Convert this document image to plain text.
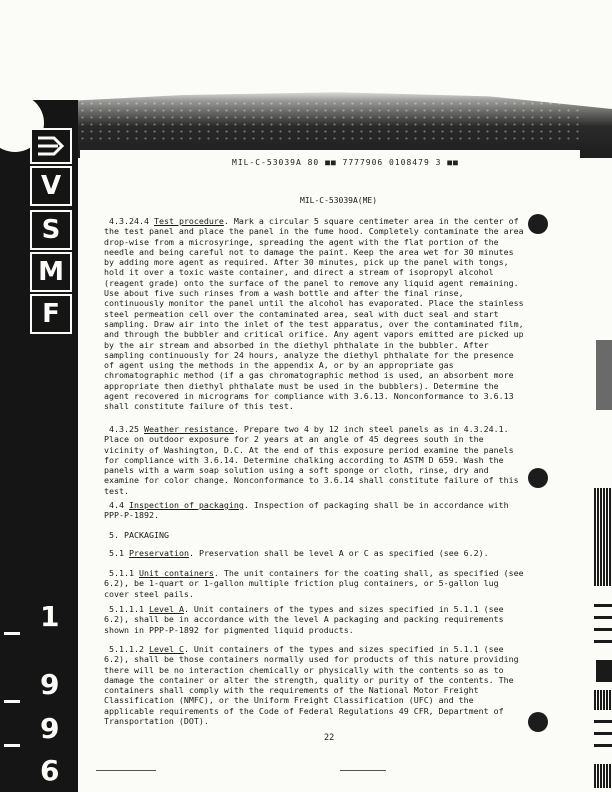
V
S
M
F
1
9
9
6
MIL-C-53039A 80 ■■ 7777906 0108479 3 ■■
MIL-C-53039A(ME)

 4.3.24.4 Test procedure. Mark a circular 5 square centimeter area in the center of the test panel and place the panel in the fume hood. Completely contaminate the area drop-wise from a microsyringe, spreading the agent with the flat portion of the needle and being careful not to damage the paint. Keep the area wet for 30 minutes by adding more agent as required. After 30 minutes, pick up the panel with tongs, hold it over a toxic waste container, and direct a stream of isopropyl alcohol (reagent grade) onto the surface of the panel to remove any liquid agent remaining. Use about five such rinses from a wash bottle and after the final rinse, continuously monitor the panel until the alcohol has evaporated. Place the stainless steel permeation cell over the contaminated area, seal with duct seal and start sampling. Draw air into the inlet of the test apparatus, over the contaminated film, and through the bubbler and critical orifice. Any agent vapors emitted are picked up by the air stream and absorbed in the diethyl phthalate in the bubbler. After sampling continuously for 24 hours, analyze the diethyl phthalate for the presence of agent using the methods in the appendix A, or by an appropriate gas chromatographic method (if a gas chromatographic method is used, an absorbent more appropriate then diethyl phthalate must be used in the bubblers). Determine the agent recovered in micrograms for compliance with 3.6.13. Nonconformance to 3.6.13 shall constitute failure of this test.

 4.3.25 Weather resistance. Prepare two 4 by 12 inch steel panels as in 4.3.24.1. Place on outdoor exposure for 2 years at an angle of 45 degrees south in the vicinity of Washington, D.C. At the end of this exposure period examine the panels for compliance with 3.6.14. Determine chalking according to ASTM D 659. Wash the panels with a warm soap solution using a soft sponge or cloth, rinse, dry and examine for color change. Nonconformance to 3.6.14 shall constitute failure of this test.

 4.4 Inspection of packaging. Inspection of packaging shall be in accordance with PPP-P-1892.

 5.  PACKAGING

 5.1 Preservation. Preservation shall be level A or C as specified (see 6.2).

 5.1.1 Unit containers. The unit containers for the coating shall, as specified (see 6.2), be 1-quart or 1-gallon multiple friction plug containers, or 5-gallon lug cover steel pails.

 5.1.1.1 Level A. Unit containers of the types and sizes specified in 5.1.1 (see 6.2), shall be in accordance with the level A packaging and packing requirements shown in PPP-P-1892 for pigmented liquid products.

 5.1.1.2 Level C. Unit containers of the types and sizes specified in 5.1.1 (see 6.2), shall be those containers normally used for products of this nature providing there will be no interaction chemically or physically with the contents so as to damage the container or alter the strength, quality or purity of the contents. The containers shall comply with the requirements of the National Motor Freight Classification (NMFC), or the Uniform Freight Classification (UFC) and the applicable requirements of the Code of Federal Regulations 49 CFR, Department of Transportation (DOT).

22
